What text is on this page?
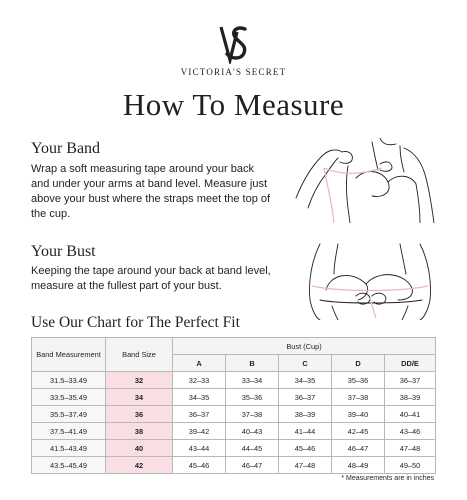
VICTORIA'S SECRET
How To Measure
Your Band
Wrap a soft measuring tape around your back and under your arms at band level. Measure just above your bust where the straps meet the top of the cup.
Your Bust
Keeping the tape around your back at band level, measure at the fullest part of your bust.
Use Our Chart for The Perfect Fit
Band Measurement	Band Size	Bust (Cup)				
		A	B	C	D	DD/E
31.5–33.49	32	32–33	33–34	34–35	35–36	36–37
33.5–35.49	34	34–35	35–36	36–37	37–38	38–39
35.5–37.49	36	36–37	37–38	38–39	39–40	40–41
37.5–41.49	38	39–42	40–43	41–44	42–45	43–46
41.5–43.49	40	43–44	44–45	45–46	46–47	47–48
43.5–45.49	42	45–46	46–47	47–48	48–49	49–50
* Measurements are in inches
